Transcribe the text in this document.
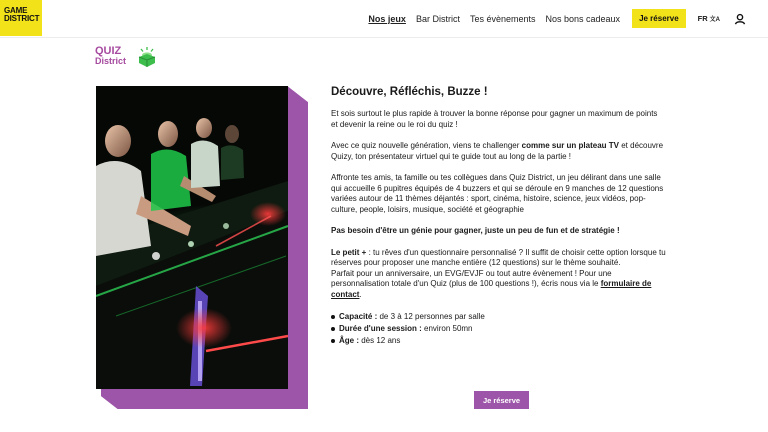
GAME
DISTRICT	Nos jeux Bar District Tes évènements Nos bons cadeaux	Je réserve	FR 文A
QUIZ
District
Découvre, Réfléchis, Buzze !

Et sois surtout le plus rapide à trouver la bonne réponse pour gagner un maximum de points et devenir la reine ou le roi du quiz !

Avec ce quiz nouvelle génération, viens te challenger comme sur un plateau TV et découvre Quizy, ton présentateur virtuel qui te guide tout au long de la partie !

Affronte tes amis, ta famille ou tes collègues dans Quiz District, un jeu délirant dans une salle qui accueille 6 pupitres équipés de 4 buzzers et qui se déroule en 9 manches de 12 questions variées autour de 11 thèmes déjantés : sport, cinéma, histoire, science, jeux vidéos, pop-culture, people, loisirs, musique, société et géographie

Pas besoin d'être un génie pour gagner, juste un peu de fun et de stratégie !

Le petit + : tu rêves d'un questionnaire personnalisé ? Il suffit de choisir cette option lorsque tu réserves pour proposer une manche entière (12 questions) sur le thème souhaité.

Parfait pour un anniversaire, un EVG/EVJF ou tout autre évènement ! Pour une personnalisation totale d'un Quiz (plus de 100 questions !), écris nous via le formulaire de contact.

Capacité : de 3 à 12 personnes par salle
Durée d'une session : environ 50mn
Âge : dès 12 ans
Je réserve
